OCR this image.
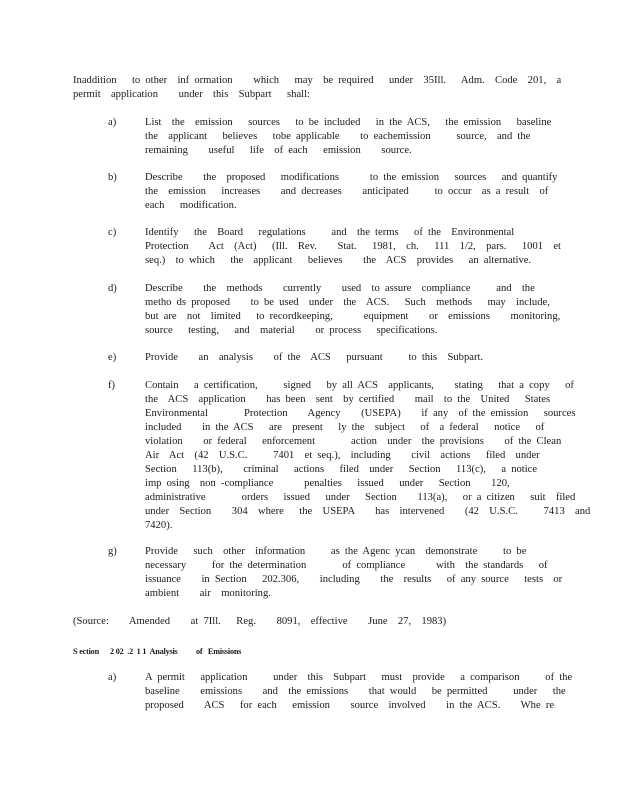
Inaddition   to other  inf ormation    which   may  be required   under  35Ill.   Adm.  Code  201,  a
permit  application    under  this  Subpart   shall:
a)	List  the  emission   sources   to be included   in the ACS,   the emission   baseline
the  applicant   believes   tobe applicable    to eachemission     source,  and the
remaining    useful   life  of each   emission    source.
b)	Describe    the  proposed   modifications      to the emission   sources   and quantify
the  emission   increases    and decreases    anticipated     to occur  as a result  of
each   modification.
c)	Identify   the  Board   regulations     and  the terms   of the  Environmental
Protection    Act  (Act)   (Ill.  Rev.    Stat.   1981,  ch.   111  1/2,  pars.   1001  et
seq.)  to which   the  applicant   believes    the  ACS  provides   an alternative.
d)	Describe    the  methods    currently    used  to assure  compliance     and  the
metho ds proposed    to be used  under  the  ACS.   Such  methods   may  include,
but are  not  limited   to recordkeeping,      equipment    or  emissions    monitoring,
source   testing,   and  material    or process   specifications.
e)	Provide    an  analysis    of the  ACS   pursuant     to this  Subpart.
f)	Contain   a certification,     signed   by all ACS  applicants,    stating   that a copy   of
the  ACS  application    has been  sent  by certified    mail  to the  United   States
Environmental       Protection    Agency    (USEPA)    if any  of the emission   sources
included    in the ACS   are  present   ly the  subject   of  a federal   notice   of
violation    or federal   enforcement       action  under  the provisions    of the Clean
Air  Act  (42  U.S.C.     7401  et seq.),  including    civil  actions   filed  under
Section   113(b),    criminal   actions   filed  under   Section   113(c),   a notice
imp osing  non -compliance      penalties   issued   under   Section    120,
administrative       orders   issued   under   Section    113(a),   or a citizen   suit  filed
under  Section    304  where   the  USEPA    has  intervened    (42  U.S.C.     7413  and
7420).
g)	Provide   such  other  information     as the Agenc ycan  demonstrate     to be
necessary     for the determination       of compliance      with  the standards   of
issuance    in Section   202.306,    including    the  results   of any source   tests  or
ambient    air  monitoring.
(Source:    Amended    at 7Ill.   Reg.    8091,  effective    June  27,  1983)
S ection      2 02  .2  1 1  Analysis          of   Emissions
a)	A permit   application     under  this  Subpart   must  provide   a comparison     of the
baseline    emissions    and  the emissions    that would   be permitted     under   the
proposed    ACS   for each   emission    source  involved    in the ACS.    Whe re
